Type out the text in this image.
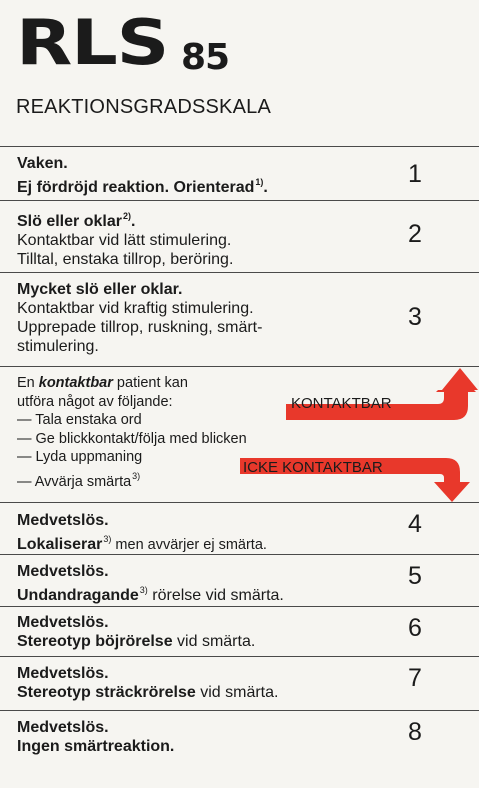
RLS 85
REAKTIONSGRADSSKALA
Vaken.
Ej fördröjd reaktion. Orienterad$^{1)}$.	1
Slö eller oklar$^{2)}$.
Kontaktbar vid lätt stimulering.
Tilltal, enstaka tillrop, beröring.
2
Mycket slö eller oklar.
Kontaktbar vid kraftig stimulering.
Upprepade tillrop, ruskning, smärt-
stimulering.
3
En kontaktbar patient kan
utföra något av följande:
— Tala enstaka ord
— Ge blickkontakt/följa med blicken
— Lyda uppmaning
— Avvärja smärta$^{3)}$
KONTAKTBAR
ICKE KONTAKTBAR
Medvetslös.
Lokaliserar$^{3)}$ men avvärjer ej smärta.
4
Medvetslös.
Undandragande$^{3)}$ rörelse vid smärta.
5
Medvetslös.
Stereotyp böjrörelse vid smärta.	6
Medvetslös.
Stereotyp sträckrörelse vid smärta.
7
Medvetslös.
Ingen smärtreaktion.
8
